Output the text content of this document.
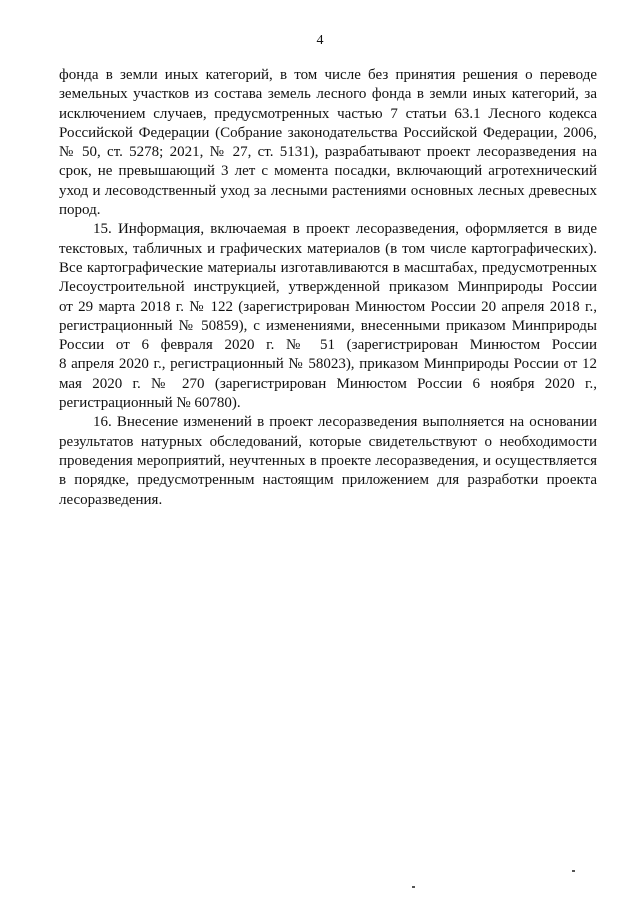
4

фонда в земли иных категорий, в том числе без принятия решения о переводе
земельных участков из состава земель лесного фонда в земли иных категорий, за
исключением случаев, предусмотренных частью 7 статьи 63.1 Лесного кодекса
Российской Федерации (Собрание законодательства Российской Федерации, 2006,
№ 50, ст. 5278; 2021, № 27, ст. 5131), разрабатывают проект лесоразведения на
срок, не превышающий 3 лет с момента посадки, включающий агротехнический
уход и лесоводственный уход за лесными растениями основных лесных древесных
пород.

15. Информация, включаемая в проект лесоразведения, оформляется в виде
текстовых, табличных и графических материалов (в том числе картографических).
Все картографические материалы изготавливаются в масштабах, предусмотренных
Лесоустроительной инструкцией, утвержденной приказом Минприроды России
от 29 марта 2018 г. № 122 (зарегистрирован Минюстом России 20 апреля 2018 г.,
регистрационный № 50859), с изменениями, внесенными приказом Минприроды
России от 6 февраля 2020 г. № 51 (зарегистрирован Минюстом России
8 апреля 2020 г., регистрационный № 58023), приказом Минприроды России от 12
мая 2020 г. № 270 (зарегистрирован Минюстом России 6 ноября 2020 г.,
регистрационный № 60780).

16. Внесение изменений в проект лесоразведения выполняется на основании
результатов натурных обследований, которые свидетельствуют о необходимости
проведения мероприятий, неучтенных в проекте лесоразведения, и осуществляется
в порядке, предусмотренным настоящим приложением для разработки проекта
лесоразведения.
